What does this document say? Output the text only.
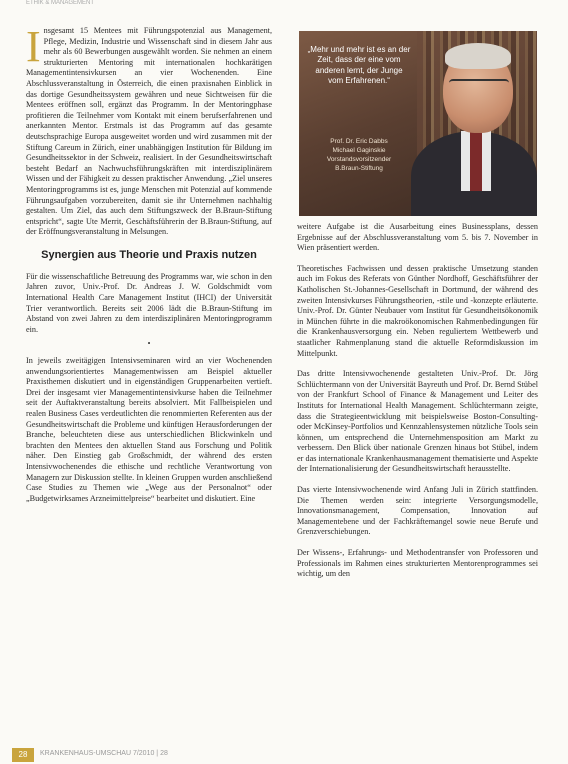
ETHIK & MANAGEMENT
I nsgesamt 15 Mentees mit Führungspotenzial aus Management, Pflege, Medizin, Industrie und Wissenschaft sind in diesem Jahr aus mehr als 60 Bewerbungen ausgewählt worden. Sie nehmen an einem strukturierten Mentoring mit internationalen hochkarätigen Managementintensivkursen an vier Wochenenden. Eine Abschlussveranstaltung in Österreich, die einen praxisnahen Einblick in das dortige Gesundheitssystem gewähren und neue Sichtweisen für die Mentees eröffnen soll, ergänzt das Programm. In der Mentoringphase profitieren die Teilnehmer vom Kontakt mit einem berufserfahrenen und anerkannten Mentor. Erstmals ist das Programm auf das gesamte deutschsprachige Europa ausgeweitet worden und wird zusammen mit der Stiftung Careum in Zürich, einer unabhängigen Institution für Bildung im Gesundheitssektor in der Schweiz, realisiert. In der Gesundheitswirtschaft besteht Bedarf an Nachwuchsführungskräften mit interdisziplinärem Wissen und der Fähigkeit zu dessen praktischer Anwendung. „Ziel unseres Mentoringprogramms ist es, junge Menschen mit Potenzial auf kommende Führungsaufgaben vorzubereiten, damit sie ihr Unternehmen nachhaltig gestalten. Um Ziel, das auch dem Stiftungszweck der B.Braun-Stiftung entspricht“, sagte Ute Merrit, Geschäftsführerin der B.Braun-Stiftung, auf der Eröffnungsveranstaltung in Melsungen.

Synergien aus Theorie und Praxis nutzen

Für die wissenschaftliche Betreuung des Programms war, wie schon in den Jahren zuvor, Univ.-Prof. Dr. Andreas J. W. Goldschmidt vom International Health Care Management Institut (IHCI) der Universität Trier verantwortlich. Bereits seit 2006 lädt die B.Braun-Stiftung im Abstand von zwei Jahren zu dem interdisziplinären Mentoringprogramm ein.

•

In jeweils zweitägigen Intensivseminaren wird an vier Wochenenden anwendungsorientiertes Managementwissen am Beispiel aktueller Praxisthemen diskutiert und in eigenständigen Gruppenarbeiten vertieft. Drei der insgesamt vier Managementintensivkurse haben die Teilnehmer seit der Auftaktveranstaltung bereits absolviert. Mit Fallbeispielen und realen Business Cases verdeutlichten die renommierten Referenten aus der Gesundheitswirtschaft die Probleme und künftigen Herausforderungen der Branche, beleuchteten diese aus unterschiedlichen Blickwinkeln und brachten den Mentees den aktuellen Stand aus Forschung und Politik näher. Den Einstieg gab Großschmidt, der während des ersten Intensivwochenendes die ethische und rechtliche Verantwortung von Managern zur Diskussion stellte. In kleinen Gruppen wurden anschließend Case Studies zu Themen wie „Wege aus der Personalnot“ oder „Budgetwirksames Arzneimittelpreise“ bearbeitet und diskutiert. Eine

„Mehr und mehr ist es an der Zeit, dass der eine vom anderen lernt, der Junge vom Erfahrenen.“
Prof. Dr. Eric Dabbs
Michael Gaginskie
Vorstandsvorsitzender
B.Braun-Stiftung

weitere Aufgabe ist die Ausarbeitung eines Businessplans, dessen Ergebnisse auf der Abschlussveranstaltung vom 5. bis 7. November in Wien präsentiert werden.

Theoretisches Fachwissen und dessen praktische Umsetzung standen auch im Fokus des Referats von Günther Nordhoff, Geschäftsführer der Katholischen St.-Johannes-Gesellschaft in Dortmund, der während des zweiten Intensivkurses Führungstheorien, -stile und -konzepte erläuterte. Univ.-Prof. Dr. Günter Neubauer vom Institut für Gesundheitsökonomik in München führte in die makroökonomischen Rahmenbedingungen für die Krankenhausversorgung ein. Neben reguliertem Wettbewerb und staatlicher Rahmenplanung stand die aktuelle Reformdiskussion im Mittelpunkt.

Das dritte Intensivwochenende gestalteten Univ.-Prof. Dr. Jörg Schlüchtermann von der Universität Bayreuth und Prof. Dr. Bernd Stübel von der Frankfurt School of Finance & Management und Leiter des Instituts for International Health Management. Schlüchtermann zeigte, dass die Strategieentwicklung mit beispielsweise Boston-Consulting- oder McKinsey-Portfolios und Kennzahlensystemen nützliche Tools sein können, um entsprechend die Unternehmensposition am Markt zu verbessern. Den Blick über nationale Grenzen hinaus bot Stübel, indem er das internationale Krankenhausmanagement thematisierte und Aspekte der Internationalisierung der Gesundheitswirtschaft herausstellte.

Das vierte Intensivwochenende wird Anfang Juli in Zürich stattfinden. Die Themen werden sein: integrierte Versorgungsmodelle, Innovationsmanagement, Compensation, Innovation auf Managementebene und der Fachkräftemangel sowie neue Berufe und Grenzverschiebungen.

Der Wissens-, Erfahrungs- und Methodentransfer von Professoren und Professionals im Rahmen eines strukturierten Mentorenprogrammes sei wichtig, um den

28	KRANKENHAUS-UMSCHAU 7/2010 | 28
